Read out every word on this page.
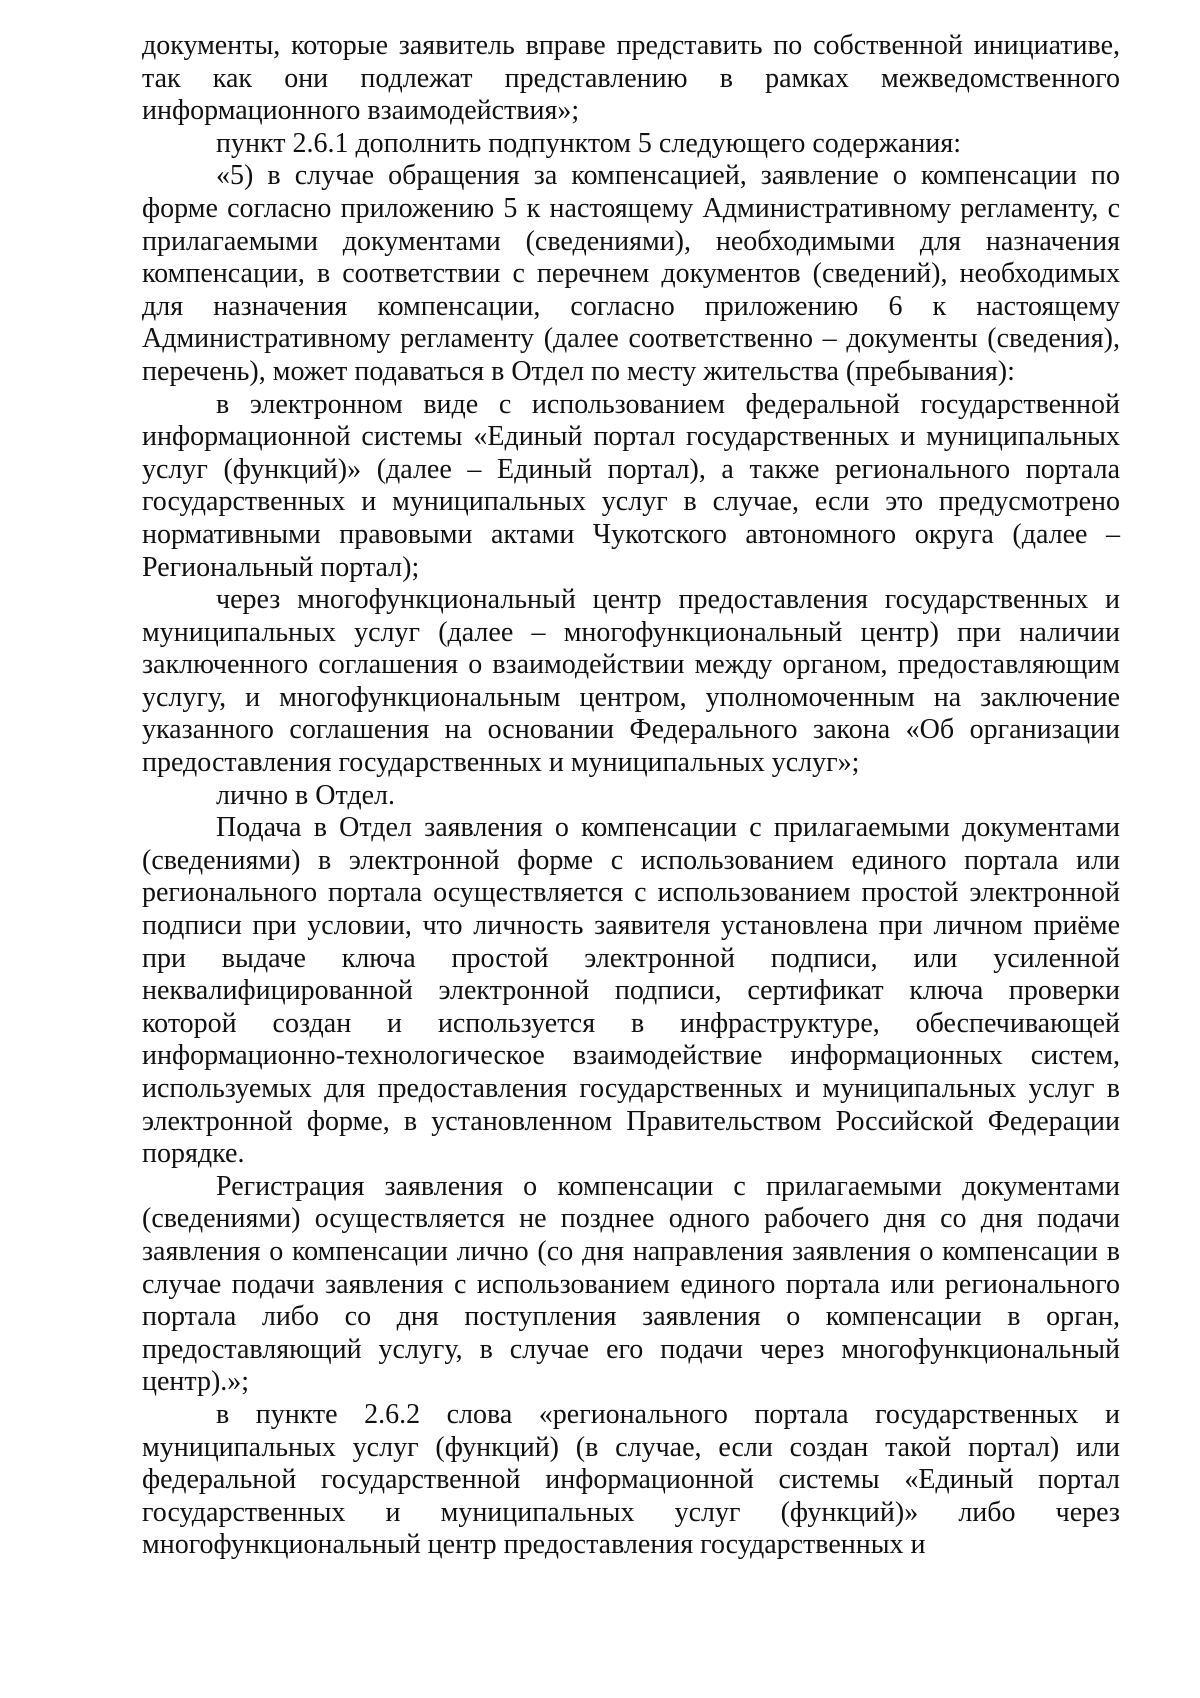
документы, которые заявитель вправе представить по собственной инициативе, так как они подлежат представлению в рамках межведомственного информационного взаимодействия»;

пункт 2.6.1 дополнить подпунктом 5 следующего содержания:

«5) в случае обращения за компенсацией, заявление о компенсации по форме согласно приложению 5 к настоящему Административному регламенту, с прилагаемыми документами (сведениями), необходимыми для назначения компенсации, в соответствии с перечнем документов (сведений), необходимых для назначения компенсации, согласно приложению 6 к настоящему Административному регламенту (далее соответственно – документы (сведения), перечень), может подаваться в Отдел по месту жительства (пребывания):

в электронном виде с использованием федеральной государственной информационной системы «Единый портал государственных и муниципальных услуг (функций)» (далее – Единый портал), а также регионального портала государственных и муниципальных услуг в случае, если это предусмотрено нормативными правовыми актами Чукотского автономного округа (далее – Региональный портал);

через многофункциональный центр предоставления государственных и муниципальных услуг (далее – многофункциональный центр) при наличии заключенного соглашения о взаимодействии между органом, предоставляющим услугу, и многофункциональным центром, уполномоченным на заключение указанного соглашения на основании Федерального закона «Об организации предоставления государственных и муниципальных услуг»;

лично в Отдел.

Подача в Отдел заявления о компенсации с прилагаемыми документами (сведениями) в электронной форме с использованием единого портала или регионального портала осуществляется с использованием простой электронной подписи при условии, что личность заявителя установлена при личном приёме при выдаче ключа простой электронной подписи, или усиленной неквалифицированной электронной подписи, сертификат ключа проверки которой создан и используется в инфраструктуре, обеспечивающей информационно-технологическое взаимодействие информационных систем, используемых для предоставления государственных и муниципальных услуг в электронной форме, в установленном Правительством Российской Федерации порядке.

Регистрация заявления о компенсации с прилагаемыми документами (сведениями) осуществляется не позднее одного рабочего дня со дня подачи заявления о компенсации лично (со дня направления заявления о компенсации в случае подачи заявления с использованием единого портала или регионального портала либо со дня поступления заявления о компенсации в орган, предоставляющий услугу, в случае его подачи через многофункциональный центр).»;

в пункте 2.6.2 слова «регионального портала государственных и муниципальных услуг (функций) (в случае, если создан такой портал) или федеральной государственной информационной системы «Единый портал государственных и муниципальных услуг (функций)» либо через многофункциональный центр предоставления государственных и
